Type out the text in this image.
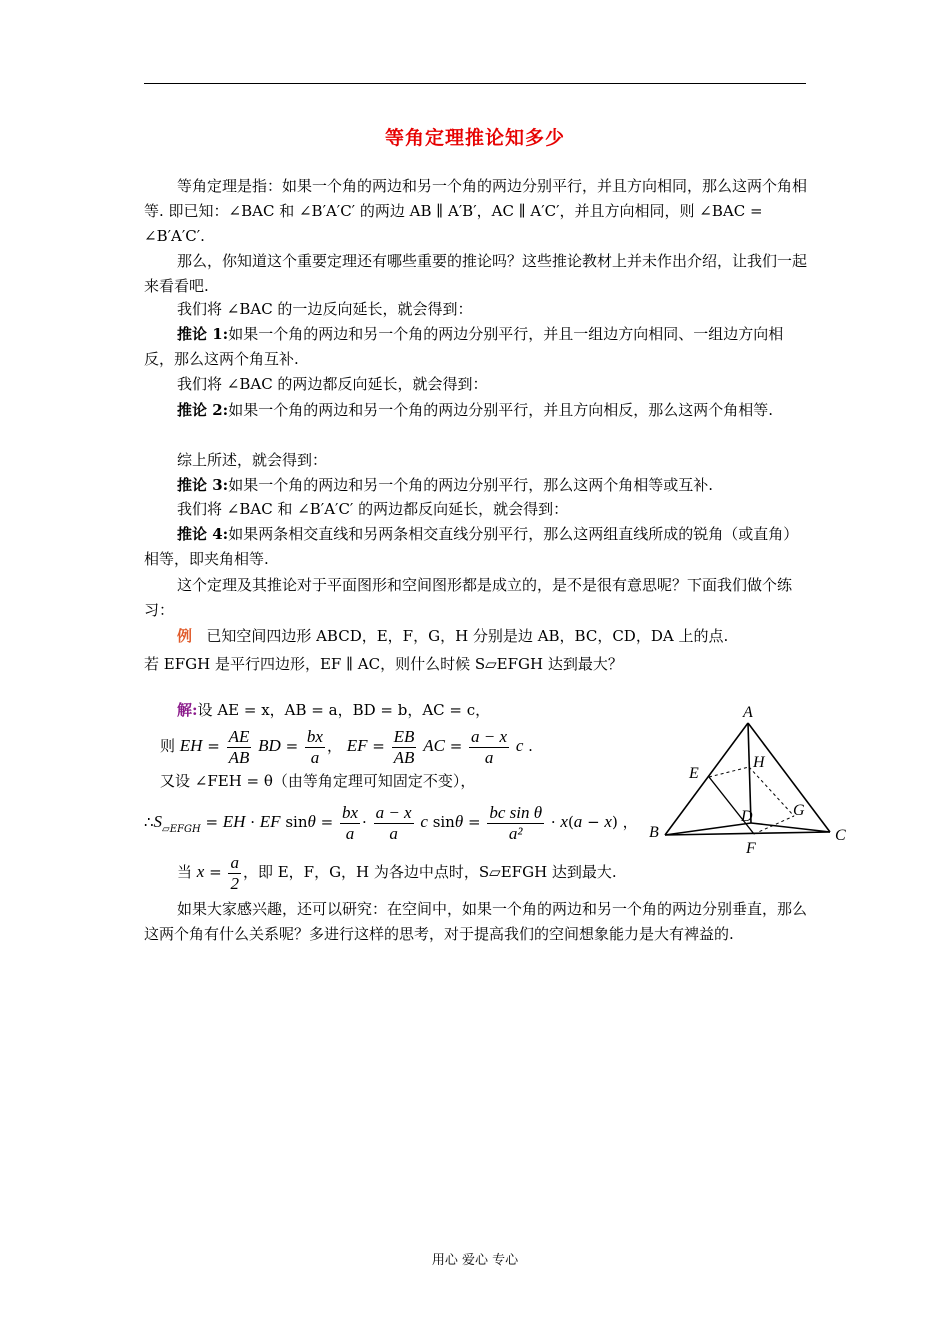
等角定理推论知多少
等角定理是指：如果一个角的两边和另一个角的两边分别平行，并且方向相同，那么这两个角相等. 即已知：∠BAC 和 ∠B′A′C′ 的两边 AB ∥ A′B′，AC ∥ A′C′，并且方向相同，则 ∠BAC = ∠B′A′C′.
那么，你知道这个重要定理还有哪些重要的推论吗？这些推论教材上并未作出介绍，让我们一起来看看吧.
我们将 ∠BAC 的一边反向延长，就会得到：
推论 1:如果一个角的两边和另一个角的两边分别平行，并且一组边方向相同、一组边方向相反，那么这两个角互补.
我们将 ∠BAC 的两边都反向延长，就会得到：
推论 2:如果一个角的两边和另一个角的两边分别平行，并且方向相反，那么这两个角相等.
综上所述，就会得到：
推论 3:如果一个角的两边和另一个角的两边分别平行，那么这两个角相等或互补.
我们将 ∠BAC 和 ∠B′A′C′ 的两边都反向延长，就会得到：
推论 4:如果两条相交直线和另两条相交直线分别平行，那么这两组直线所成的锐角（或直角）相等，即夹角相等.
这个定理及其推论对于平面图形和空间图形都是成立的，是不是很有意思呢？下面我们做个练习：
例 已知空间四边形 ABCD，E，F，G，H 分别是边 AB，BC，CD，DA 上的点.
若 EFGH 是平行四边形，EF ∥ AC，则什么时候 S▱EFGH 达到最大？
解:设 AE = x，AB = a，BD = b，AC = c，
则 EH = $\frac{AE}{AB}$ BD = $\frac{bx}{a}$ ， EF = $\frac{EB}{AB}$ AC = $\frac{a - x}{a}$ c .
又设 ∠FEH = θ（由等角定理可知固定不变），
$\therefore S_{▱EFGH}$ = EH · EF $\sin\theta = \frac{bx}{a} \cdot \frac{a - x}{a}$ c $\sin\theta = \frac{\text{bc sin θ}}{\text{a²}} \cdot x(a - x)$ ，
当 $x = \frac{a}{2}$ ，即 E，F，G，H 为各边中点时，S▱EFGH 达到最大.
A
B	C
D
E
F
G
H
如果大家感兴趣，还可以研究：在空间中，如果一个角的两边和另一个角的两边分别垂直，那么这两个角有什么关系呢？多进行这样的思考，对于提高我们的空间想象能力是大有裨益的.
用心 爱心 专心
